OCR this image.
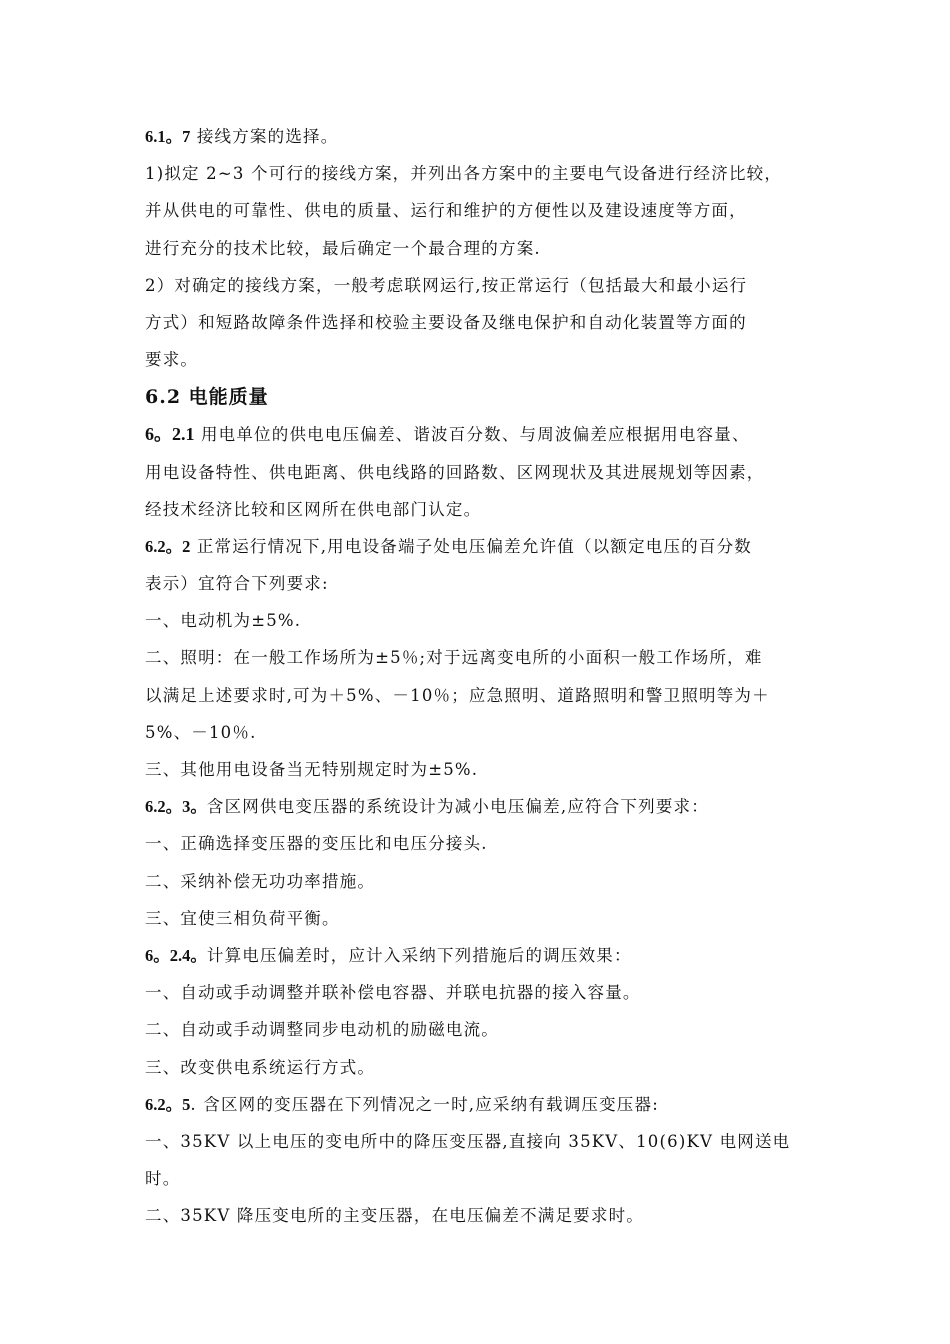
6.1。7 接线方案的选择。
1)拟定 2~3 个可行的接线方案，并列出各方案中的主要电气设备进行经济比较，
并从供电的可靠性、供电的质量、运行和维护的方便性以及建设速度等方面，
进行充分的技术比较，最后确定一个最合理的方案.
2）对确定的接线方案，一般考虑联网运行,按正常运行（包括最大和最小运行
方式）和短路故障条件选择和校验主要设备及继电保护和自动化装置等方面的
要求。
6.2 电能质量
6。2.1 用电单位的供电电压偏差、谐波百分数、与周波偏差应根据用电容量、
用电设备特性、供电距离、供电线路的回路数、区网现状及其进展规划等因素，
经技术经济比较和区网所在供电部门认定。
6.2。2 正常运行情况下,用电设备端子处电压偏差允许值（以额定电压的百分数
表示）宜符合下列要求:
一、电动机为±5%.
二、照明：在一般工作场所为±5％;对于远离变电所的小面积一般工作场所，难
以满足上述要求时,可为＋5%、－10％；应急照明、道路照明和警卫照明等为＋
5%、－10％.
三、其他用电设备当无特别规定时为±5%.
6.2。3。含区网供电变压器的系统设计为减小电压偏差,应符合下列要求：
一、正确选择变压器的变压比和电压分接头.
二、采纳补偿无功功率措施。
三、宜使三相负荷平衡。
6。2.4。计算电压偏差时，应计入采纳下列措施后的调压效果：
一、自动或手动调整并联补偿电容器、并联电抗器的接入容量。
二、自动或手动调整同步电动机的励磁电流。
三、改变供电系统运行方式。
6.2。5. 含区网的变压器在下列情况之一时,应采纳有载调压变压器:
一、35KV 以上电压的变电所中的降压变压器,直接向 35KV、10(6)KV 电网送电
时。
二、35KV 降压变电所的主变压器，在电压偏差不满足要求时。
